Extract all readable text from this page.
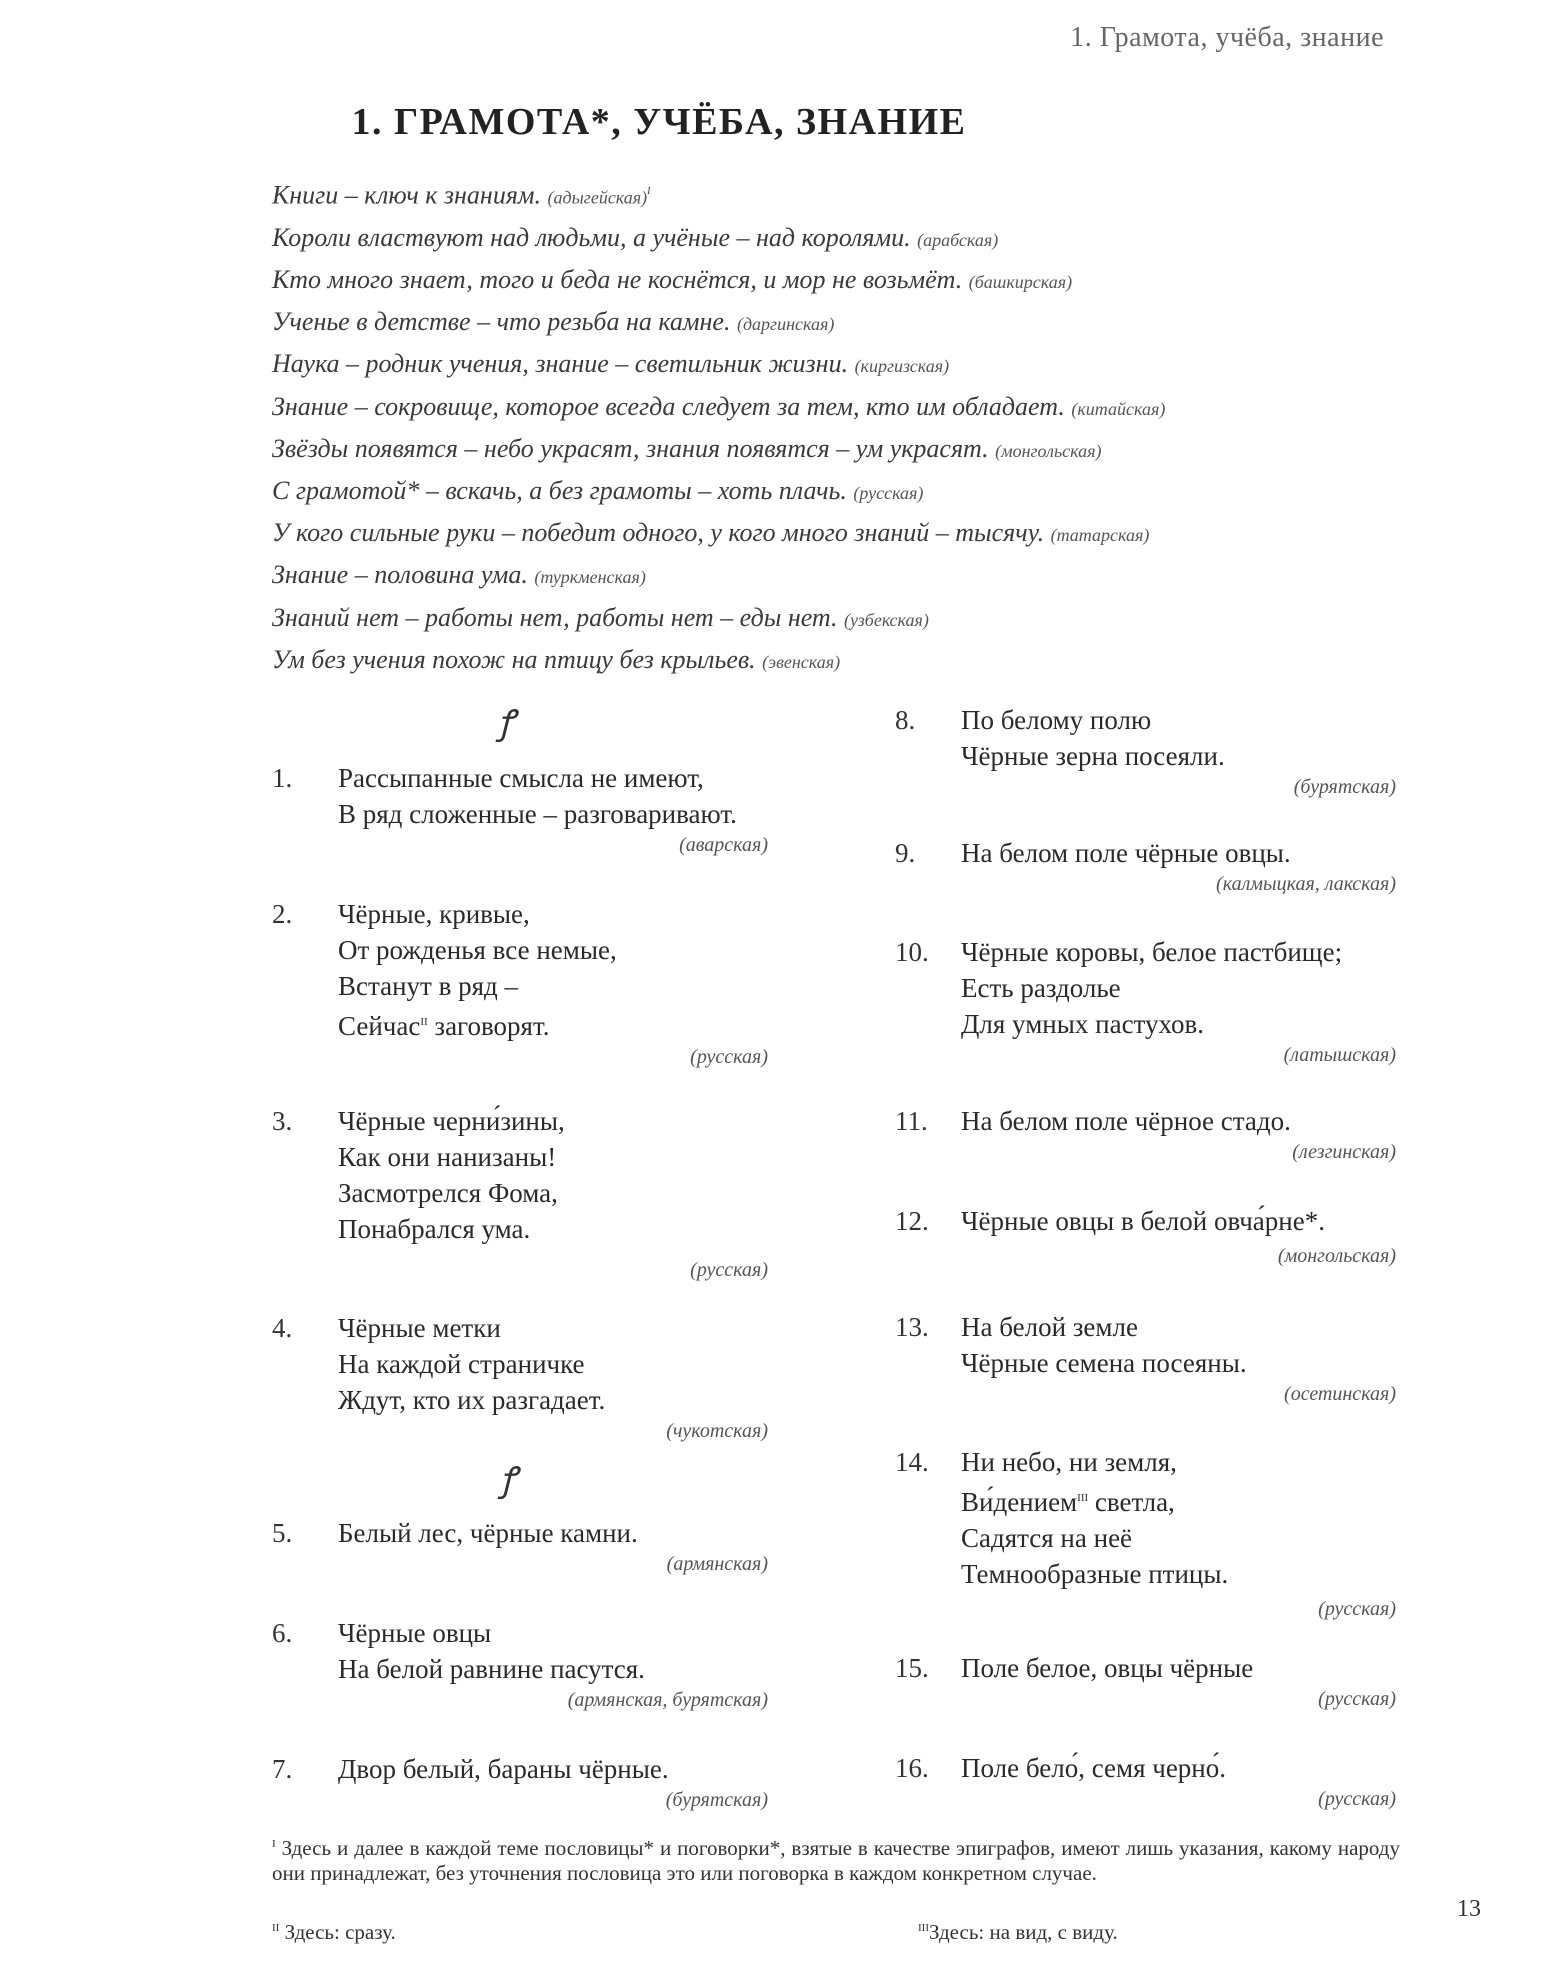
1. Грамота, учёба, знание
1. ГРАМОТА*, УЧЁБА, ЗНАНИЕ
Книги – ключ к знаниям. (адыгейская)$^I$
Короли властвуют над людьми, а учёные – над королями. (арабская)
Кто много знает, того и беда не коснётся, и мор не возьмёт. (башкирская)
Ученье в детстве – что резьба на камне. (даргинская)
Наука – родник учения, знание – светильник жизни. (киргизская)
Знание – сокровище, которое всегда следует за тем, кто им обладает. (китайская)
Звёзды появятся – небо украсят, знания появятся – ум украсят. (монгольская)
С грамотой* – вскачь, а без грамоты – хоть плачь. (русская)
У кого сильные руки – победит одного, у кого много знаний – тысячу. (татарская)
Знание – половина ума. (туркменская)
Знаний нет – работы нет, работы нет – еды нет. (узбекская)
Ум без учения похож на птицу без крыльев. (эвенская)
ꝭ
1. Рассыпанные смысла не имеют,
В ряд сложенные – разговаривают.
(аварская)
2. Чёрные, кривые,
От рожденья все немые,
Встанут в ряд –
Сейчас$^{II}$ заговорят.
(русская)
3. Чёрные черни́зины,
Как они нанизаны!
Засмотрелся Фома,
Понабрался ума.
(русская)
4. Чёрные метки
На каждой страничке
Ждут, кто их разгадает.
(чукотская)
ꝭ
5. Белый лес, чёрные камни.
(армянская)
6. Чёрные овцы
На белой равнине пасутся.
(армянская, бурятская)
7. Двор белый, бараны чёрные.
(бурятская)
8.	По белому полю
Чёрные зерна посеяли.
(бурятская)
9.	На белом поле чёрные овцы.
(калмыцкая, лакская)
10.	Чёрные коровы, белое пастбище;
Есть раздолье
Для умных пастухов.
(латышская)
11.	На белом поле чёрное стадо.
(лезгинская)
12.	Чёрные овцы в белой овча́рне*.
(монгольская)
13.	На белой земле
Чёрные семена посеяны.
(осетинская)
14.	Ни небо, ни земля,
Ви́дением$^{III}$ светла,
Садятся на неё
Темнообразные птицы.
(русская)
15.	Поле белое, овцы чёрные
(русская)
16.	Поле бело́, семя черно́.
(русская)
$^I$ Здесь и далее в каждой теме пословицы* и поговорки*, взятые в качестве эпиграфов, имеют лишь указания, какому народу они принадлежат, без уточнения пословица это или поговорка в каждом конкретном случае.
$^{II}$ Здесь: сразу.	$^{III}$Здесь: на вид, с виду.
13
